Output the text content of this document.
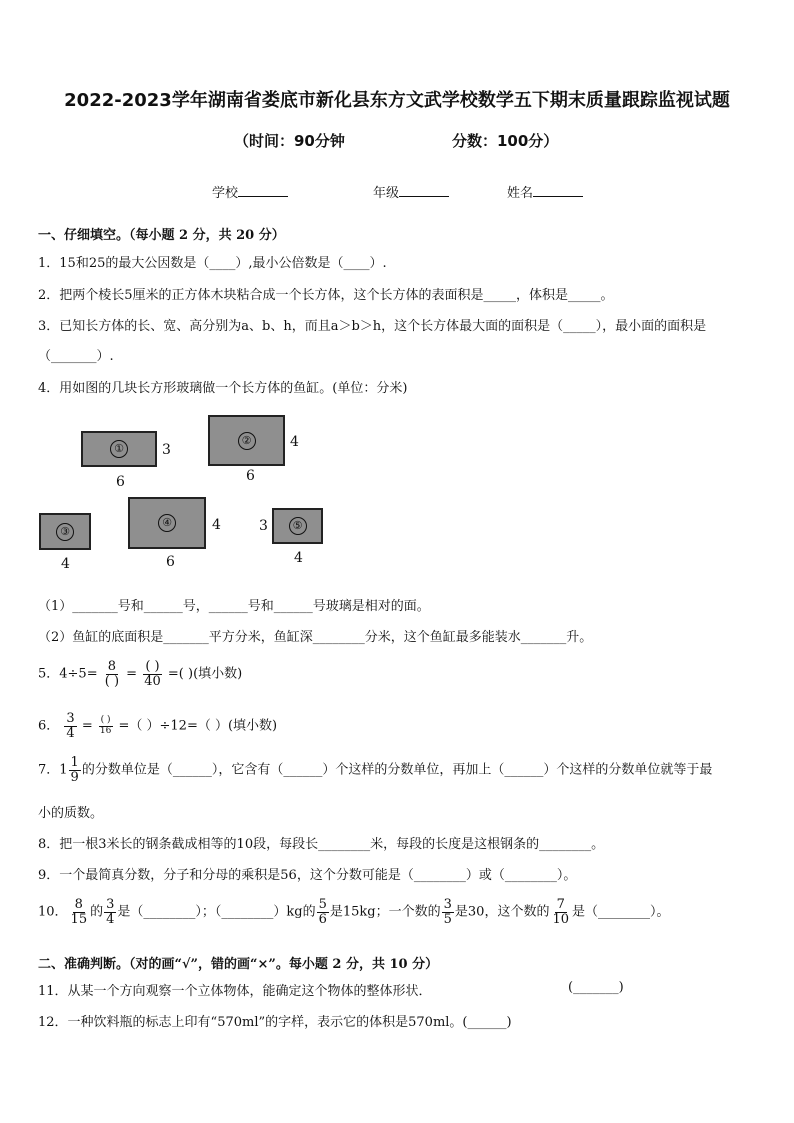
2022-2023学年湖南省娄底市新化县东方文武学校数学五下期末质量跟踪监视试题
（时间：90分钟	分数：100分）
学校	年级	姓名
一、仔细填空。（每小题 2 分，共 20 分）
1．15和25的最大公因数是（____）,最小公倍数是（____）.
2．把两个棱长5厘米的正方体木块粘合成一个长方体，这个长方体的表面积是_____，体积是_____。
3．已知长方体的长、宽、高分别为a、b、h，而且a＞b＞h，这个长方体最大面的面积是（_____），最小面的面积是
（_______）.
4．用如图的几块长方形玻璃做一个长方体的鱼缸。(单位：分米)
①	3
6
②	4
6
③
4
④	4
6
⑤
3
4
（1）_______号和______号，______号和______号玻璃是相对的面。
（2）鱼缸的底面积是_______平方分米，鱼缸深________分米，这个鱼缸最多能装水_______升。
5．$4\div 5= \frac{8}{( )} = \frac{( )}{40}$ =( )(填小数)
6． $\frac{3}{4} = \frac{( )}{16}$ =（ ）÷12=（ ）(填小数)
7．$1 \frac{1}{9}$ 的分数单位是（______），它含有（______）个这样的分数单位，再加上（______）个这样的分数单位就等于最
小的质数。
8．把一根3米长的钢条截成相等的10段，每段长________米，每段的长度是这根钢条的________。
9．一个最简真分数，分子和分母的乘积是56，这个分数可能是（________）或（________）。
10． $\frac{8}{15}$ 的 $\frac{3}{4}$ 是（________）；（________）kg的 $\frac{5}{6}$ 是15kg；一个数的 $\frac{3}{5}$ 是30，这个数的 $\frac{7}{10}$ 是（________）。
二、准确判断。（对的画“√”，错的画“×”。每小题 2 分，共 10 分）
11．从某一个方向观察一个立体物体，能确定这个物体的整体形状．	(_______)
12．一种饮料瓶的标志上印有“570ml”的字样，表示它的体积是570ml。(______)
